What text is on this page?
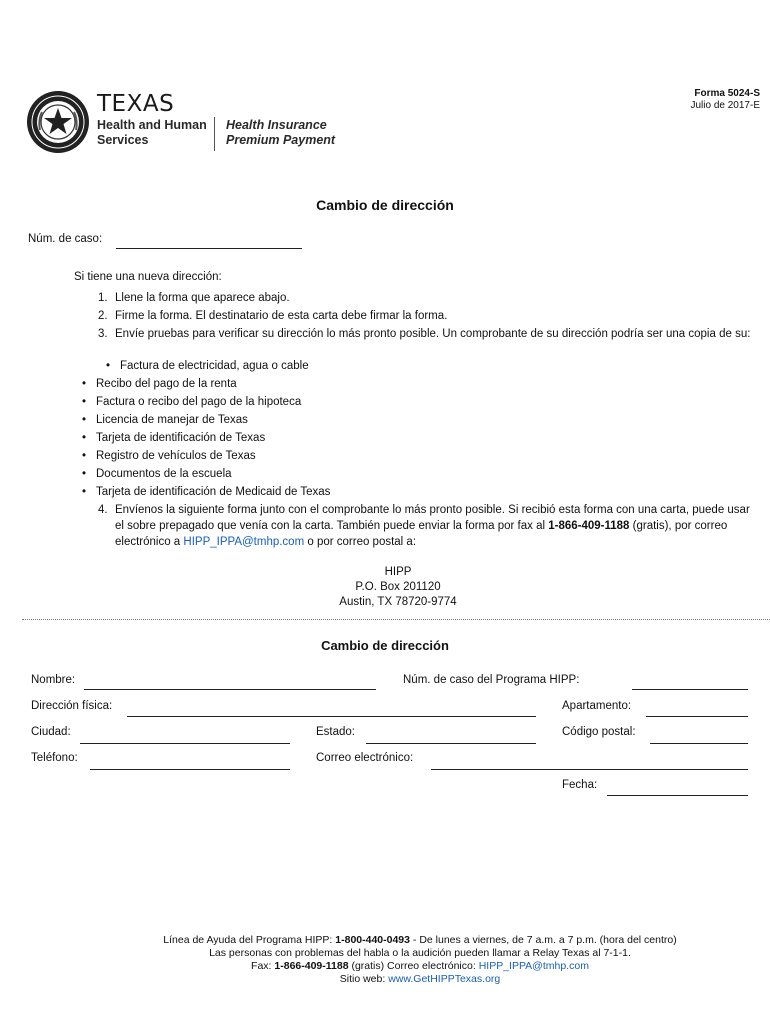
TEXAS
Health and Human
Services
Health Insurance
Premium Payment
Forma 5024-S
Julio de 2017-E
Cambio de dirección
Núm. de caso:
Si tiene una nueva dirección:
1. Llene la forma que aparece abajo.
2. Firme la forma. El destinatario de esta carta debe firmar la forma.
3. Envíe pruebas para verificar su dirección lo más pronto posible. Un comprobante de su dirección podría ser una copia de su:
• Factura de electricidad, agua o cable
• Recibo del pago de la renta
• Factura o recibo del pago de la hipoteca
• Licencia de manejar de Texas
• Tarjeta de identificación de Texas
• Registro de vehículos de Texas
• Documentos de la escuela
• Tarjeta de identificación de Medicaid de Texas
4. Envíenos la siguiente forma junto con el comprobante lo más pronto posible. Si recibió esta forma con una carta, puede usar el sobre prepagado que venía con la carta. También puede enviar la forma por fax al 1-866-409-1188 (gratis), por correo electrónico a HIPP_IPPA@tmhp.com o por correo postal a:
HIPP
P.O. Box 201120
Austin, TX 78720-9774
Cambio de dirección
Nombre:	Núm. de caso del Programa HIPP:
Dirección física:	Apartamento:
Ciudad:	Estado:	Código postal:
Teléfono:	Correo electrónico:
Fecha:
Línea de Ayuda del Programa HIPP: 1-800-440-0493 - De lunes a viernes, de 7 a.m. a 7 p.m. (hora del centro)
Las personas con problemas del habla o la audición pueden llamar a Relay Texas al 7-1-1.
Fax: 1-866-409-1188 (gratis) Correo electrónico: HIPP_IPPA@tmhp.com
Sitio web: www.GetHIPPTexas.org
